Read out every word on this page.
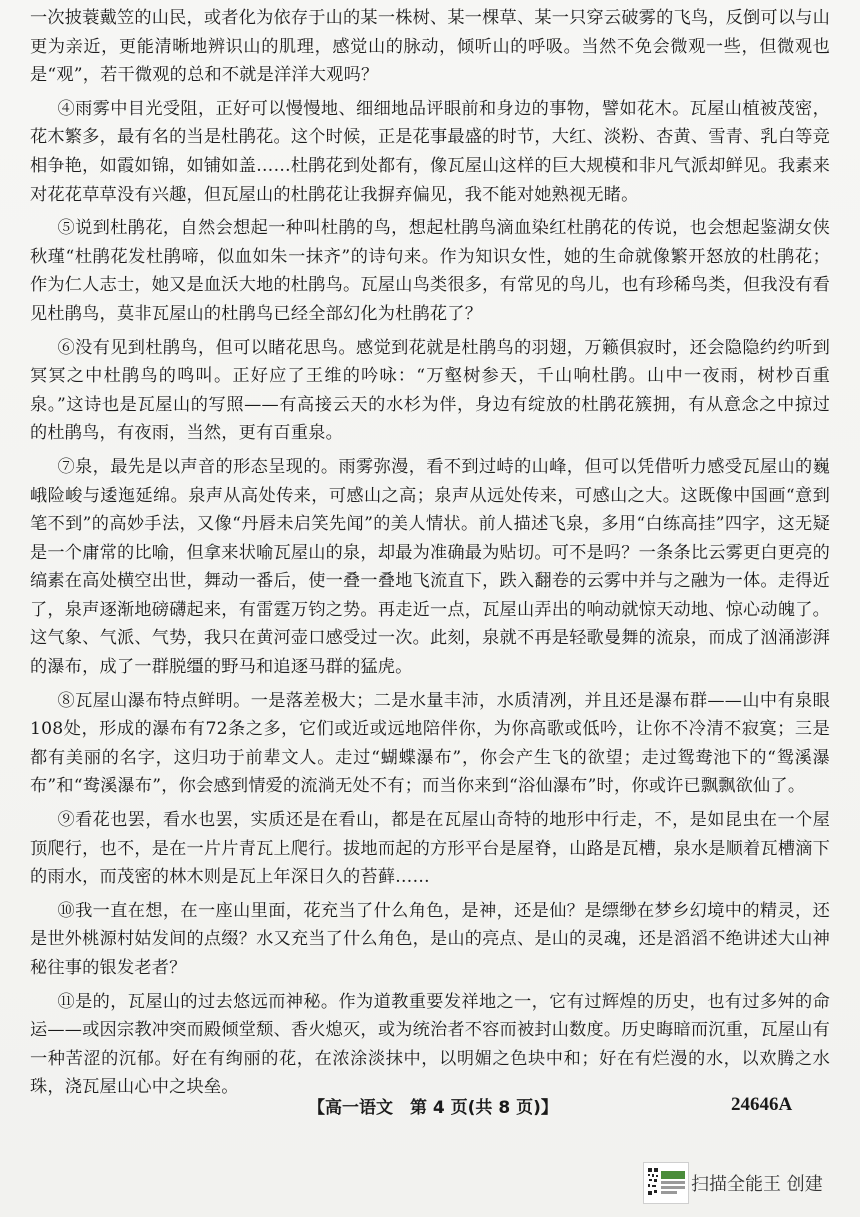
一次披蓑戴笠的山民，或者化为依存于山的某一株树、某一棵草、某一只穿云破雾的飞鸟，反倒可以与山更为亲近，更能清晰地辨识山的肌理，感觉山的脉动，倾听山的呼吸。当然不免会微观一些，但微观也是“观”，若干微观的总和不就是洋洋大观吗？

④雨雾中目光受阻，正好可以慢慢地、细细地品评眼前和身边的事物，譬如花木。瓦屋山植被茂密，花木繁多，最有名的当是杜鹃花。这个时候，正是花事最盛的时节，大红、淡粉、杏黄、雪青、乳白等竞相争艳，如霞如锦，如铺如盖……杜鹃花到处都有，像瓦屋山这样的巨大规模和非凡气派却鲜见。我素来对花花草草没有兴趣，但瓦屋山的杜鹃花让我摒弃偏见，我不能对她熟视无睹。

⑤说到杜鹃花，自然会想起一种叫杜鹃的鸟，想起杜鹃鸟滴血染红杜鹃花的传说，也会想起鉴湖女侠秋瑾“杜鹃花发杜鹃啼，似血如朱一抹齐”的诗句来。作为知识女性，她的生命就像繁开怒放的杜鹃花；作为仁人志士，她又是血沃大地的杜鹃鸟。瓦屋山鸟类很多，有常见的鸟儿，也有珍稀鸟类，但我没有看见杜鹃鸟，莫非瓦屋山的杜鹃鸟已经全部幻化为杜鹃花了？

⑥没有见到杜鹃鸟，但可以睹花思鸟。感觉到花就是杜鹃鸟的羽翅，万籁俱寂时，还会隐隐约约听到冥冥之中杜鹃鸟的鸣叫。正好应了王维的吟咏：“万壑树参天，千山响杜鹃。山中一夜雨，树杪百重泉。”这诗也是瓦屋山的写照——有高接云天的水杉为伴，身边有绽放的杜鹃花簇拥，有从意念之中掠过的杜鹃鸟，有夜雨，当然，更有百重泉。

⑦泉，最先是以声音的形态呈现的。雨雾弥漫，看不到过峙的山峰，但可以凭借听力感受瓦屋山的巍峨险峻与逶迤延绵。泉声从高处传来，可感山之高；泉声从远处传来，可感山之大。这既像中国画“意到笔不到”的高妙手法，又像“丹唇未启笑先闻”的美人情状。前人描述飞泉，多用“白练高挂”四字，这无疑是一个庸常的比喻，但拿来状喻瓦屋山的泉，却最为准确最为贴切。可不是吗？一条条比云雾更白更亮的缟素在高处横空出世，舞动一番后，使一叠一叠地飞流直下，跌入翻卷的云雾中并与之融为一体。走得近了，泉声逐渐地磅礴起来，有雷霆万钧之势。再走近一点，瓦屋山弄出的响动就惊天动地、惊心动魄了。这气象、气派、气势，我只在黄河壶口感受过一次。此刻，泉就不再是轻歌曼舞的流泉，而成了汹涌澎湃的瀑布，成了一群脱缰的野马和追逐马群的猛虎。

⑧瓦屋山瀑布特点鲜明。一是落差极大；二是水量丰沛，水质清冽，并且还是瀑布群——山中有泉眼108处，形成的瀑布有72条之多，它们或近或远地陪伴你，为你高歌或低吟，让你不冷清不寂寞；三是都有美丽的名字，这归功于前辈文人。走过“蝴蝶瀑布”，你会产生飞的欲望；走过鸳鸯池下的“鸳溪瀑布”和“鸯溪瀑布”，你会感到情爱的流淌无处不有；而当你来到“浴仙瀑布”时，你或许已飘飘欲仙了。

⑨看花也罢，看水也罢，实质还是在看山，都是在瓦屋山奇特的地形中行走，不，是如昆虫在一个屋顶爬行，也不，是在一片片青瓦上爬行。拔地而起的方形平台是屋脊，山路是瓦槽，泉水是顺着瓦槽滴下的雨水，而茂密的林木则是瓦上年深日久的苔藓……

⑩我一直在想，在一座山里面，花充当了什么角色，是神，还是仙？是缥缈在梦乡幻境中的精灵，还是世外桃源村姑发间的点缀？水又充当了什么角色，是山的亮点、是山的灵魂，还是滔滔不绝讲述大山神秘往事的银发老者？

⑪是的，瓦屋山的过去悠远而神秘。作为道教重要发祥地之一，它有过辉煌的历史，也有过多舛的命运——或因宗教冲突而殿倾堂颓、香火熄灭，或为统治者不容而被封山数度。历史晦暗而沉重，瓦屋山有一种苦涩的沉郁。好在有绚丽的花，在浓涂淡抹中，以明媚之色块中和；好在有烂漫的水，以欢腾之水珠，浇瓦屋山心中之块垒。

【高一语文　第 4 页(共 8 页)】	24646A
扫描全能王 创建
